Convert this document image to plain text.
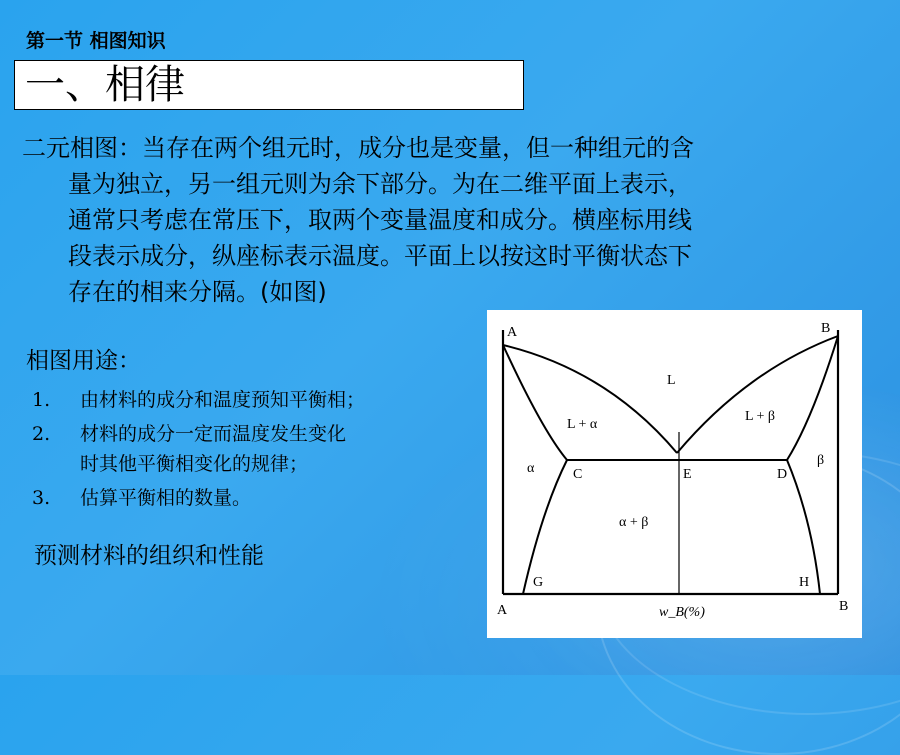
第一节 相图知识
一、相律
二元相图：当存在两个组元时，成分也是变量，但一种组元的含
量为独立，另一组元则为余下部分。为在二维平面上表示，
通常只考虑在常压下，取两个变量温度和成分。横座标用线
段表示成分，纵座标表示温度。平面上以按这时平衡状态下
存在的相来分隔。(如图)
相图用途：
1. 由材料的成分和温度预知平衡相；
2. 材料的成分一定而温度发生变化
时其他平衡相变化的规律；
3. 估算平衡相的数量。
预测材料的组织和性能
A	B
L
L + α
L + β
α
β
C	E	D
α + β
G	H
A	B
w_B(%)
